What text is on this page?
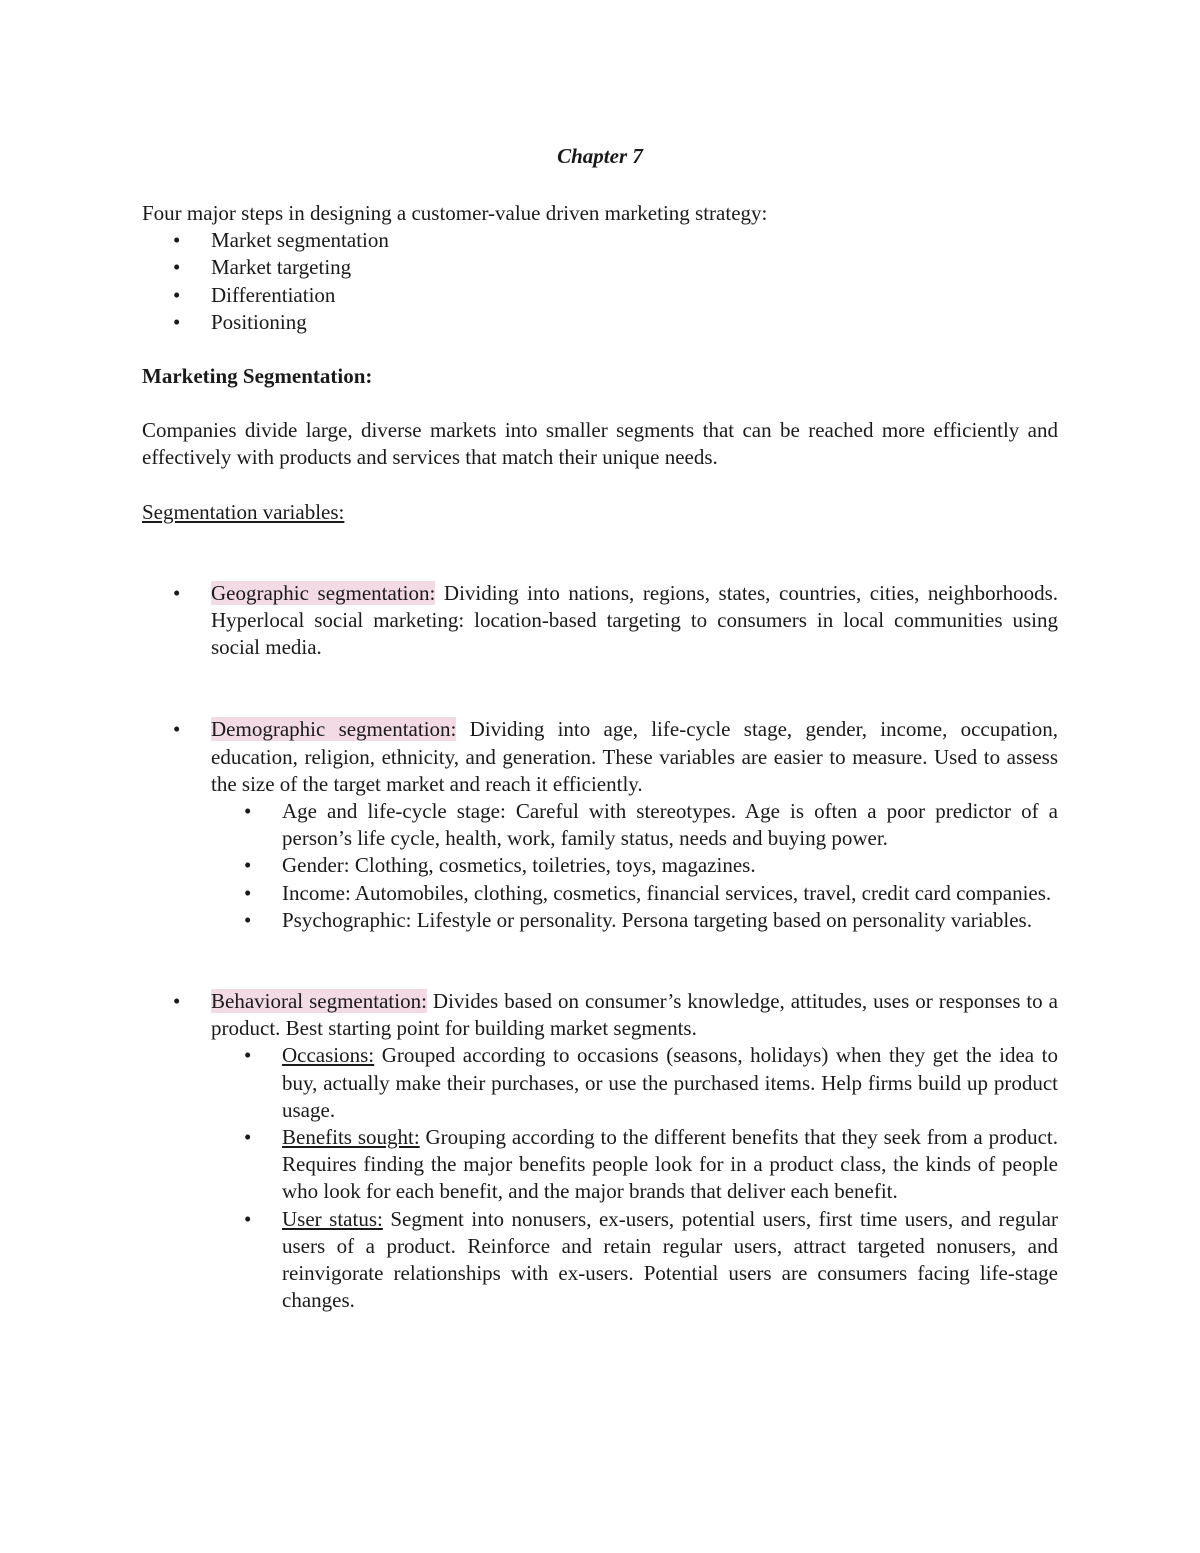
Chapter 7

Four major steps in designing a customer-value driven marketing strategy:

• Market segmentation
• Market targeting
• Differentiation
• Positioning

Marketing Segmentation:

Companies divide large, diverse markets into smaller segments that can be reached more efficiently and effectively with products and services that match their unique needs.

Segmentation variables:

• Geographic segmentation: Dividing into nations, regions, states, countries, cities, neighborhoods. Hyperlocal social marketing: location-based targeting to consumers in local communities using social media.
• Demographic segmentation: Dividing into age, life-cycle stage, gender, income, occupation, education, religion, ethnicity, and generation. These variables are easier to measure. Used to assess the size of the target market and reach it efficiently.
• Age and life-cycle stage: Careful with stereotypes. Age is often a poor predictor of a person’s life cycle, health, work, family status, needs and buying power.
• Gender: Clothing, cosmetics, toiletries, toys, magazines.
• Income: Automobiles, clothing, cosmetics, financial services, travel, credit card companies.
• Psychographic: Lifestyle or personality. Persona targeting based on personality variables.
• Behavioral segmentation: Divides based on consumer’s knowledge, attitudes, uses or responses to a product. Best starting point for building market segments.
• Occasions: Grouped according to occasions (seasons, holidays) when they get the idea to buy, actually make their purchases, or use the purchased items. Help firms build up product usage.
• Benefits sought: Grouping according to the different benefits that they seek from a product. Requires finding the major benefits people look for in a product class, the kinds of people who look for each benefit, and the major brands that deliver each benefit.
• User status: Segment into nonusers, ex-users, potential users, first time users, and regular users of a product. Reinforce and retain regular users, attract targeted nonusers, and reinvigorate relationships with ex-users. Potential users are consumers facing life-stage changes.
